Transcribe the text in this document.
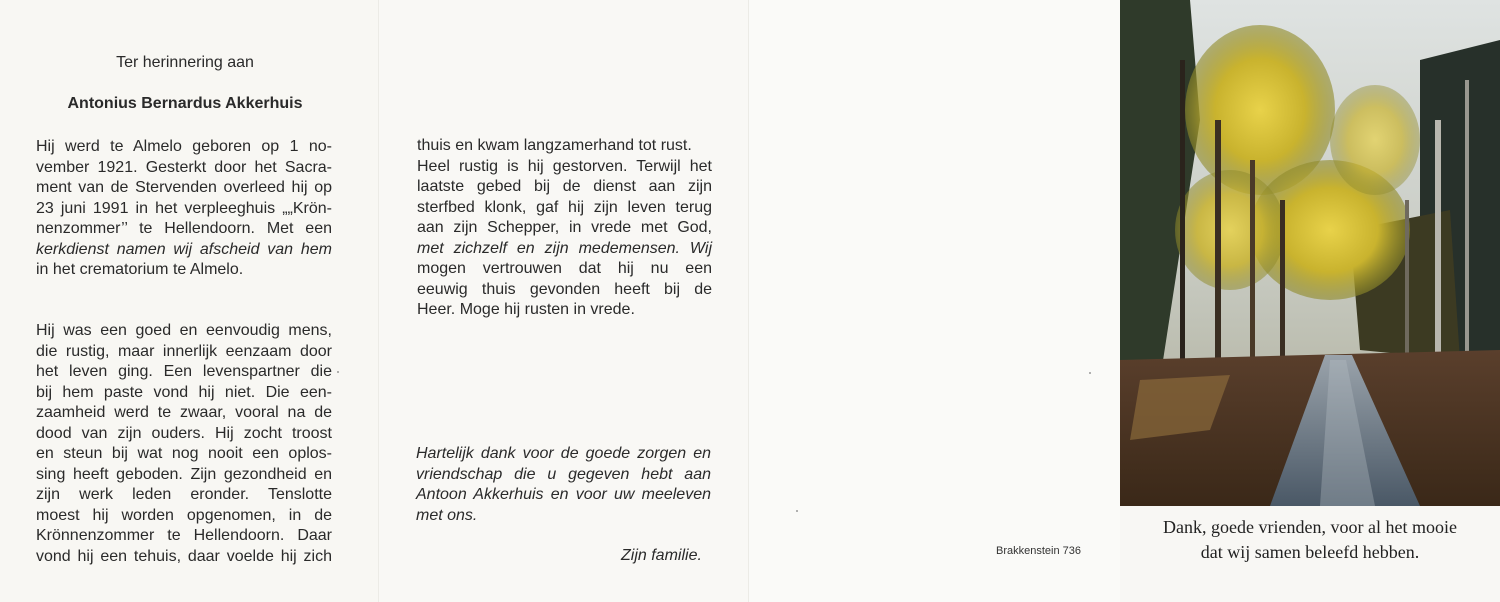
Ter herinnering aan
Antonius Bernardus Akkerhuis
Hij werd te Almelo geboren op 1 no-
vember 1921. Gesterkt door het Sacra-
ment van de Stervenden overleed hij op
23 juni 1991 in het verpleeghuis „„Krön-
nenzommer’’ te Hellendoorn. Met een
kerkdienst namen wij afscheid van hem
in het crematorium te Almelo.
Hij was een goed en eenvoudig mens,
die rustig, maar innerlijk eenzaam door
het leven ging. Een levenspartner die
bij hem paste vond hij niet. Die een-
zaamheid werd te zwaar, vooral na de
dood van zijn ouders. Hij zocht troost
en steun bij wat nog nooit een oplos-
sing heeft geboden. Zijn gezondheid en
zijn werk leden eronder. Tenslotte
moest hij worden opgenomen, in de
Krönnenzommer te Hellendoorn. Daar
vond hij een tehuis, daar voelde hij zich
thuis en kwam langzamerhand tot rust.
Heel rustig is hij gestorven. Terwijl het
laatste gebed bij de dienst aan zijn
sterfbed klonk, gaf hij zijn leven terug
aan zijn Schepper, in vrede met God,
met zichzelf en zijn medemensen. Wij
mogen vertrouwen dat hij nu een
eeuwig thuis gevonden heeft bij de
Heer. Moge hij rusten in vrede.
Hartelijk dank voor de goede zorgen en
vriendschap die u gegeven hebt aan
Antoon Akkerhuis en voor uw meeleven
met ons.
Zijn familie.	Brakkenstein 736
Dank, goede vrienden, voor al het mooie
dat wij samen beleefd hebben.
